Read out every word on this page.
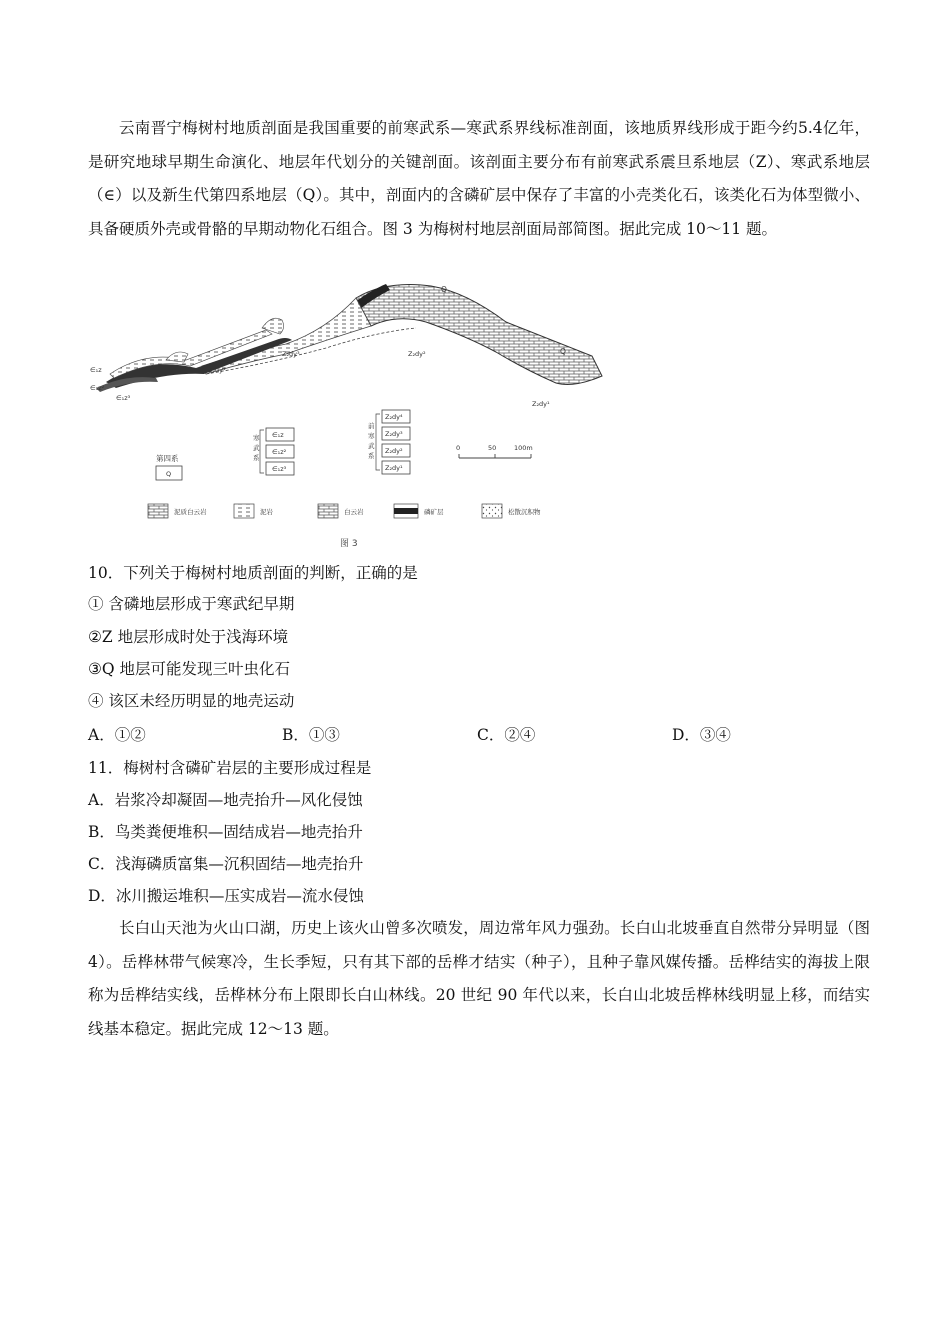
云南晋宁梅树村地质剖面是我国重要的前寒武系—寒武系界线标准剖面，该地质界线形成于距今约5.4亿年，是研究地球早期生命演化、地层年代划分的关键剖面。该剖面主要分布有前寒武系震旦系地层（Z）、寒武系地层（∈）以及新生代第四系地层（Q）。其中，剖面内的含磷矿层中保存了丰富的小壳类化石，该类化石为体型微小、具备硬质外壳或骨骼的早期动物化石组合。图 3 为梅树村地层剖面局部简图。据此完成 10～11 题。

Q
Q
Z₂dy³
Z₂dy⁴
Z₂dy²
Z₂dy¹
∈₁z
∈₁z²
∈₁z³
第四系
Q
寒
武
系
∈₁z
∈₁z²
∈₁z³
前
寒
武
系
Z₂dy⁴
Z₂dy³
Z₂dy²
Z₂dy¹
0	50	100m
泥质白云岩	泥岩	白云岩	磷矿层	松散沉积物
图 3
10．下列关于梅树村地质剖面的判断，正确的是
① 含磷地层形成于寒武纪早期
②Z 地层形成时处于浅海环境
③Q 地层可能发现三叶虫化石
④ 该区未经历明显的地壳运动
A．①②	B．①③	C．②④	D．③④
11．梅树村含磷矿岩层的主要形成过程是
A．岩浆冷却凝固—地壳抬升—风化侵蚀
B．鸟类粪便堆积—固结成岩—地壳抬升
C．浅海磷质富集—沉积固结—地壳抬升
D．冰川搬运堆积—压实成岩—流水侵蚀

长白山天池为火山口湖，历史上该火山曾多次喷发，周边常年风力强劲。长白山北坡垂直自然带分异明显（图 4）。岳桦林带气候寒冷，生长季短，只有其下部的岳桦才结实（种子），且种子靠风媒传播。岳桦结实的海拔上限称为岳桦结实线，岳桦林分布上限即长白山林线。20 世纪 90 年代以来，长白山北坡岳桦林线明显上移，而结实线基本稳定。据此完成 12～13 题。
